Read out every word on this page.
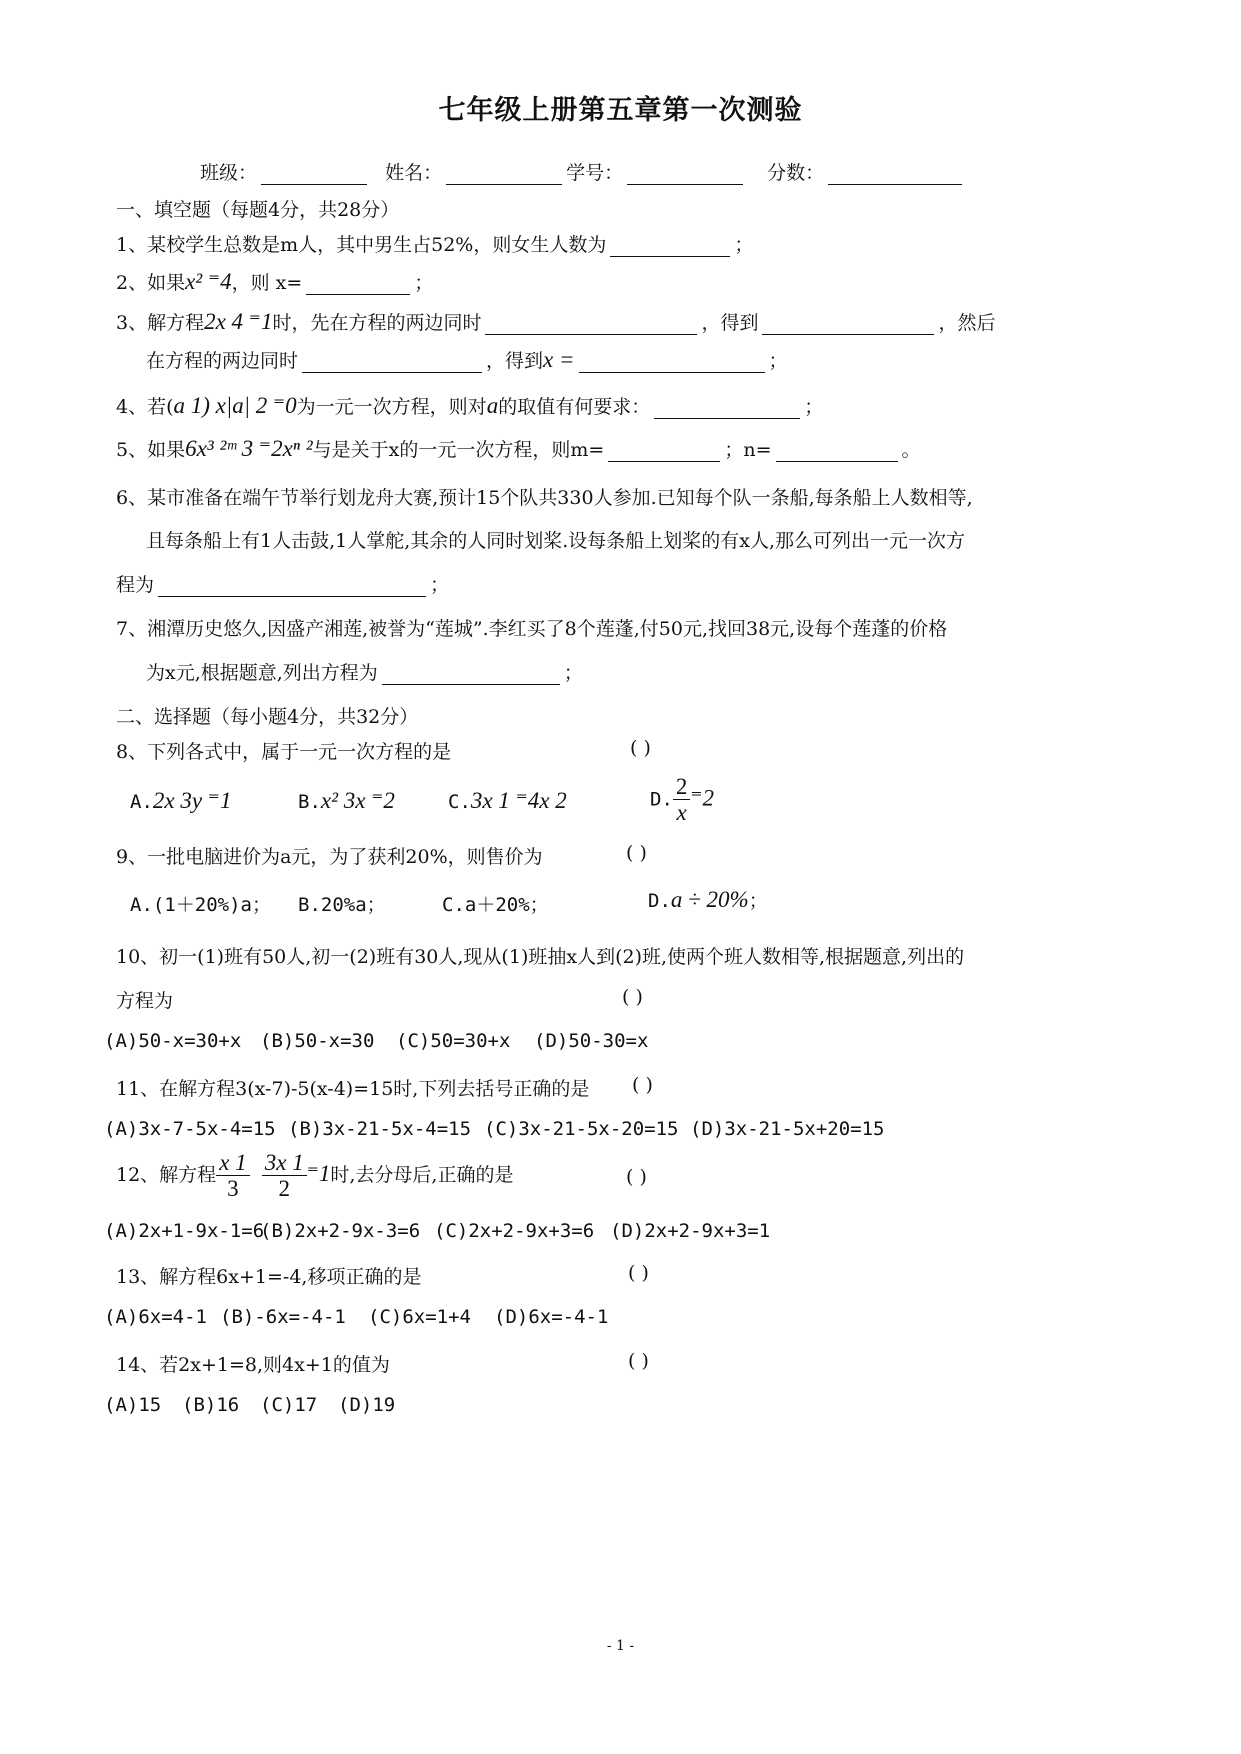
七年级上册第五章第一次测验
班级：	姓名：	学号：	分数：
一、填空题（每题4分，共28分）
1、某校学生总数是m人，其中男生占52%，则女生人数为	；
2、如果x² ⁼4，则 x=	；
3、解方程2x 4 ⁼1时，先在方程的两边同时	，得到	，然后
在方程的两边同时	，得到x =	；
4、若(a 1) x|a| 2 ⁼0为一元一次方程，则对a的取值有何要求：	；
5、如果6x³ ²ᵐ 3 ⁼2xⁿ ²与是关于x的一元一次方程，则m=	；n=	。
6、某市准备在端午节举行划龙舟大赛,预计15个队共330人参加.已知每个队一条船,每条船上人数相等,
且每条船上有1人击鼓,1人掌舵,其余的人同时划桨.设每条船上划桨的有x人,那么可列出一元一次方
程为	；
7、湘潭历史悠久,因盛产湘莲,被誉为“莲城”.李红买了8个莲蓬,付50元,找回38元,设每个莲蓬的价格
为x元,根据题意,列出方程为	；
二、选择题（每小题4分，共32分）
8、下列各式中，属于一元一次方程的是	( )
A.2x 3y ⁼1	B.x² 3x ⁼2	C.3x 1 ⁼4x 2	D. $\frac{2}{x} ^=2$
9、一批电脑进价为a元，为了获利20%，则售价为	( )
A.(1＋20%)a； B.20%a；	C.a＋20%；	D.a ÷ 20%；
10、初一(1)班有50人,初一(2)班有30人,现从(1)班抽x人到(2)班,使两个班人数相等,根据题意,列出的
方程为	( )
(A)50-x=30+x (B)50-x=30 (C)50=30+x (D)50-30=x
11、在解方程3(x-7)-5(x-4)=15时,下列去括号正确的是 ( )
(A)3x-7-5x-4=15 (B)3x-21-5x-4=15 (C)3x-21-5x-20=15 (D)3x-21-5x+20=15
12、解方程 $\frac{x 1}{3}$
$\frac{3x 1}{2} ^=1$时,去分母后,正确的是	( )
(A)2x+1-9x-1=6
(B)2x+2-9x-3=6 (C)2x+2-9x+3=6 (D)2x+2-9x+3=1
13、解方程6x+1=-4,移项正确的是	( )
(A)6x=4-1 (B)-6x=-4-1 (C)6x=1+4 (D)6x=-4-1
14、若2x+1=8,则4x+1的值为	( )
(A)15 (B)16 (C)17 (D)19
- 1 -
